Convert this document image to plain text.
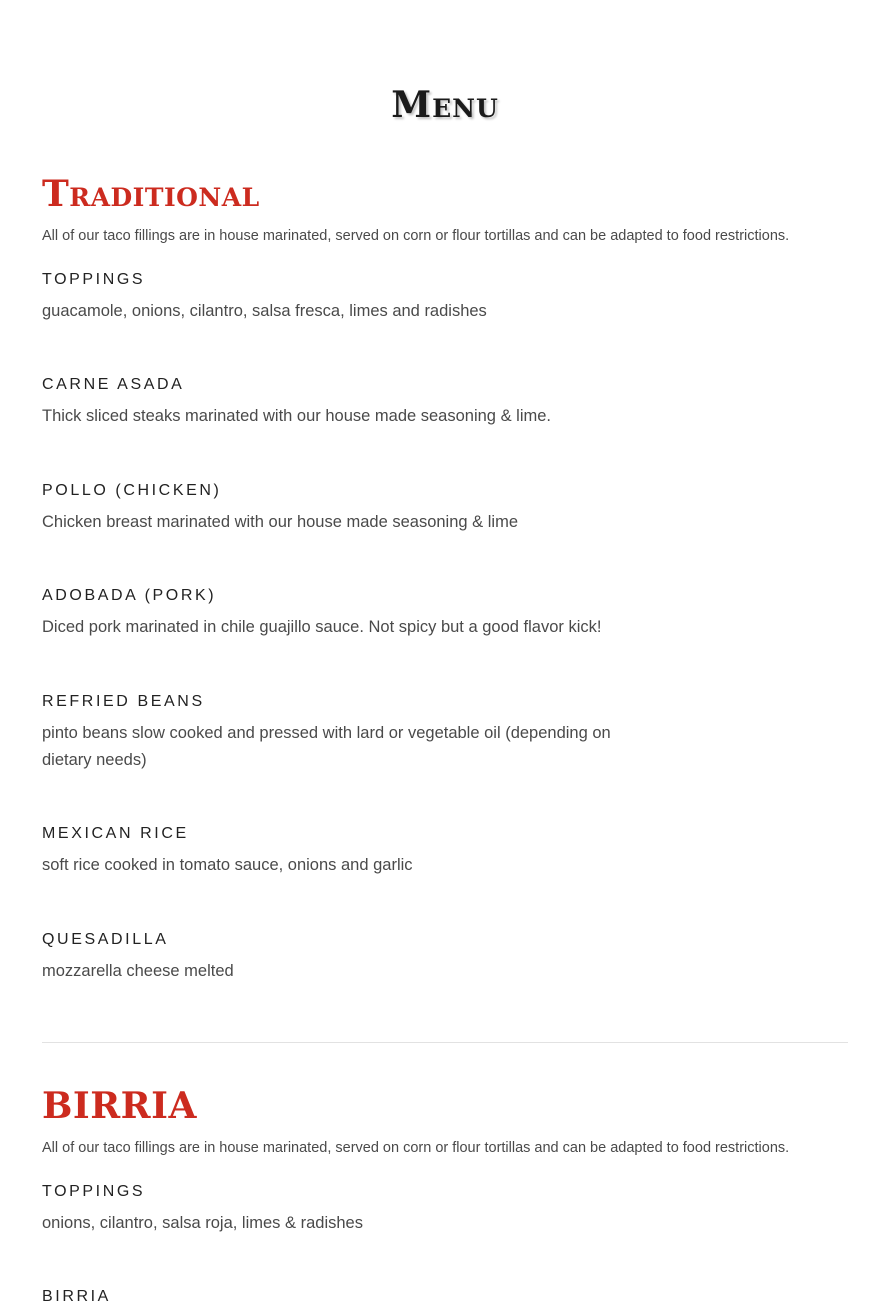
Menu
Traditional

All of our taco fillings are in house marinated, served on corn or flour tortillas and can be adapted to food restrictions.

TOPPINGS
guacamole, onions, cilantro, salsa fresca, limes and radishes
CARNE ASADA
Thick sliced steaks marinated with our house made seasoning & lime.
POLLO (CHICKEN)
Chicken breast marinated with our house made seasoning & lime
ADOBADA (PORK)
Diced pork marinated in chile guajillo sauce. Not spicy but a good flavor kick!
REFRIED BEANS
pinto beans slow cooked and pressed with lard or vegetable oil (depending on dietary needs)
MEXICAN RICE
soft rice cooked in tomato sauce, onions and garlic
QUESADILLA
mozzarella cheese melted
BIRRIA

All of our taco fillings are in house marinated, served on corn or flour tortillas and can be adapted to food restrictions.

TOPPINGS
onions, cilantro, salsa roja, limes & radishes
BIRRIA
